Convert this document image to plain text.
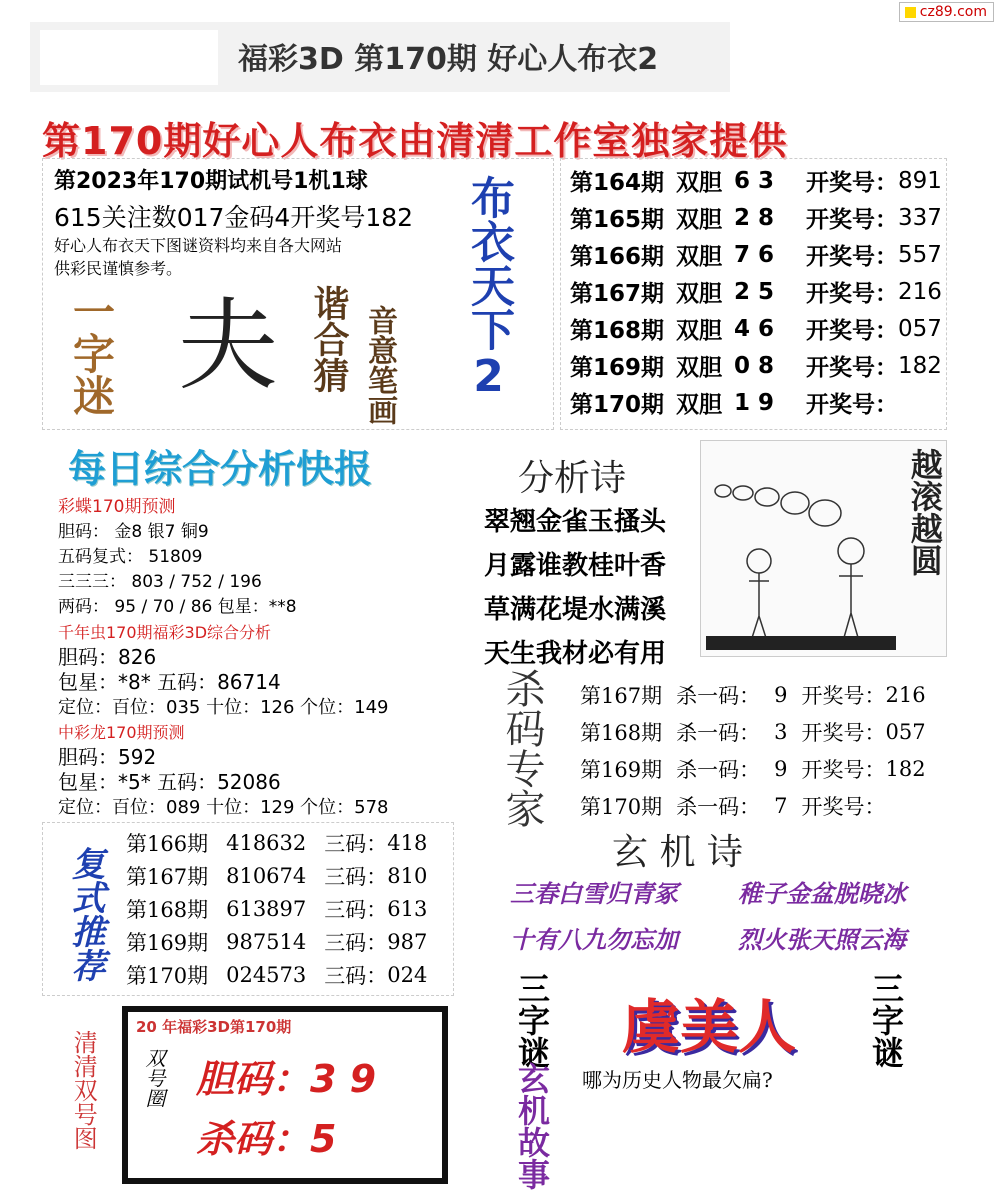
cz89.com
福彩3D 第170期 好心人布衣2
第170期好心人布衣由清清工作室独家提供
第2023年170期试机号1机1球
615关注数017金码4开奖号182
好心人布衣天下图谜资料均来自各大网站
供彩民谨慎参考。	布衣天下2
一字迷 夫 谐合猜 音意笔画
第164期 双胆 6 3	开奖号： 891
第165期 双胆 2 8	开奖号： 337
第166期 双胆 7 6	开奖号： 557
第167期 双胆 2 5	开奖号： 216
第168期 双胆 4 6	开奖号： 057
第169期 双胆 0 8	开奖号： 182
第170期 双胆 1 9	开奖号：
每日综合分析快报
彩蝶170期预测
胆码： 金8 银7 铜9
五码复式： 51809
三三三： 803 / 752 / 196
两码： 95 / 70 / 86 包星：**8
千年虫170期福彩3D综合分析
胆码：826
包星：*8* 五码：86714
定位：百位：035 十位：126 个位：149
中彩龙170期预测
胆码：592
包星：*5* 五码：52086
定位：百位：089 十位：129 个位：578
分析诗
翠翘金雀玉搔头
月露谁教桂叶香
草满花堤水满溪
天生我材必有用
越滚越圆
杀码专家 第167期 杀一码： 9 开奖号： 216
第168期 杀一码： 3 开奖号： 057
第169期 杀一码： 9 开奖号： 182
第170期 杀一码： 7 开奖号：
复式推荐
第166期 418632 三码： 418
第167期 810674 三码： 810
第168期 613897 三码： 613
第169期 987514 三码： 987
第170期 024573 三码： 024
玄 机 诗
三春白雪归青冢	稚子金盆脱晓冰
十有八九勿忘加	烈火张天照云海
清清双号图
20 年福彩3D第170期
双号圈 胆码：3 9
杀码：5
三字谜
玄机故事
三字谜
虞美人
哪为历史人物最欠扁?
